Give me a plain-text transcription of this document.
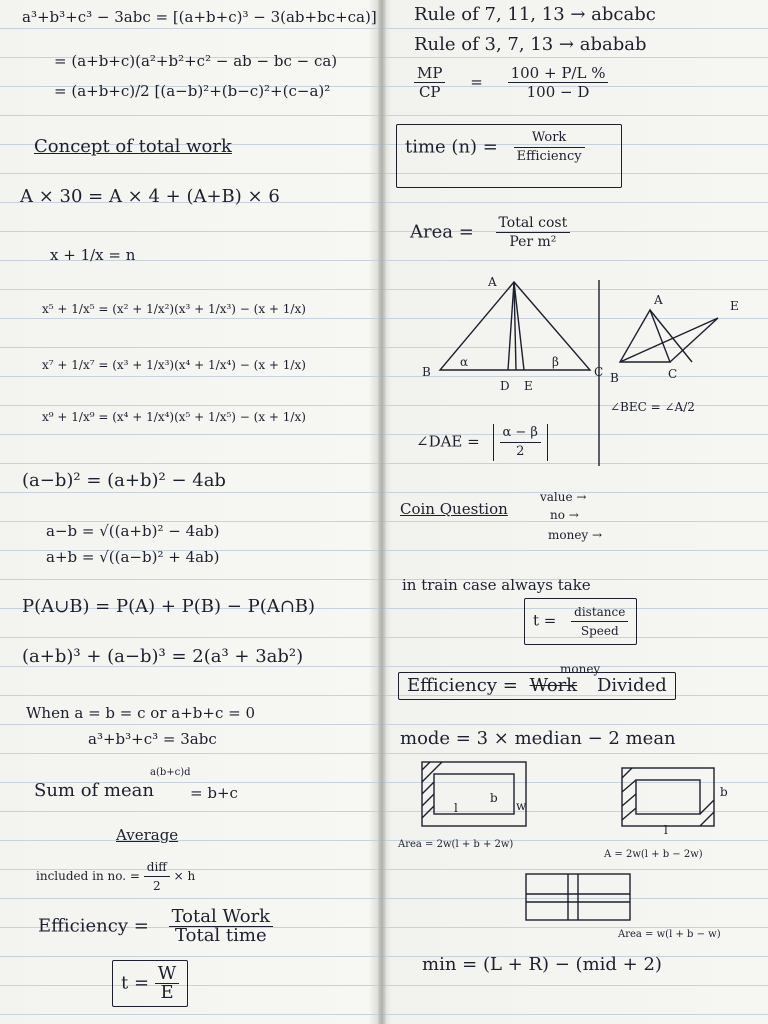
a³+b³+c³ − 3abc = [(a+b+c)³ − 3(ab+bc+ca)]
= (a+b+c)(a²+b²+c² − ab − bc − ca)
= (a+b+c)/2 [(a−b)²+(b−c)²+(c−a)²
Concept of total work
A × 30 = A × 4 + (A+B) × 6
x + 1/x = n
x⁵ + 1/x⁵ = (x² + 1/x²)(x³ + 1/x³) − (x + 1/x)
x⁷ + 1/x⁷ = (x³ + 1/x³)(x⁴ + 1/x⁴) − (x + 1/x)
x⁹ + 1/x⁹ = (x⁴ + 1/x⁴)(x⁵ + 1/x⁵) − (x + 1/x)
(a−b)² = (a+b)² − 4ab
a−b = √((a+b)² − 4ab)
a+b = √((a−b)² + 4ab)
P(A∪B) = P(A) + P(B) − P(A∩B)
(a+b)³ + (a−b)³ = 2(a³ + 3ab²)
When a = b = c or a+b+c = 0
a³+b³+c³ = 3abc
a(b+c)d
Sum of mean = b+c
Average
included in no. = $\frac{\text{diff}}{2} \times h$
Efficiency = $\frac{\text{Total Work}}{\text{Total time}}$
$t = \frac{W}{E}$
Rule of 7, 11, 13 → abcabc
Rule of 3, 7, 13 → ababab
$\frac{MP}{CP} = \frac{100 + P/L \%}{100 - D}$
time $(n) = \frac{\text{Work}}{\text{Efficiency}}$
Area = $\frac{\text{Total cost}}{\text{Per m²}}$
A
B
α	β
C
D E
A	E
B	C
∠BEC = ∠A/2
∠DAE = $\frac{\alpha - \beta}{2}$
Coin Question
value →
no →
money →
in train case always take
$t = \frac{\text{distance}}{\text{Speed}}$
money
Efficiency = Work Divided
mode = 3 × median − 2 mean
b
l	w
Area = 2w(l + b + 2w)
b
l
A = 2w(l + b − 2w)
Area = w(l + b − w)
min = (L + R) − (mid + 2)
